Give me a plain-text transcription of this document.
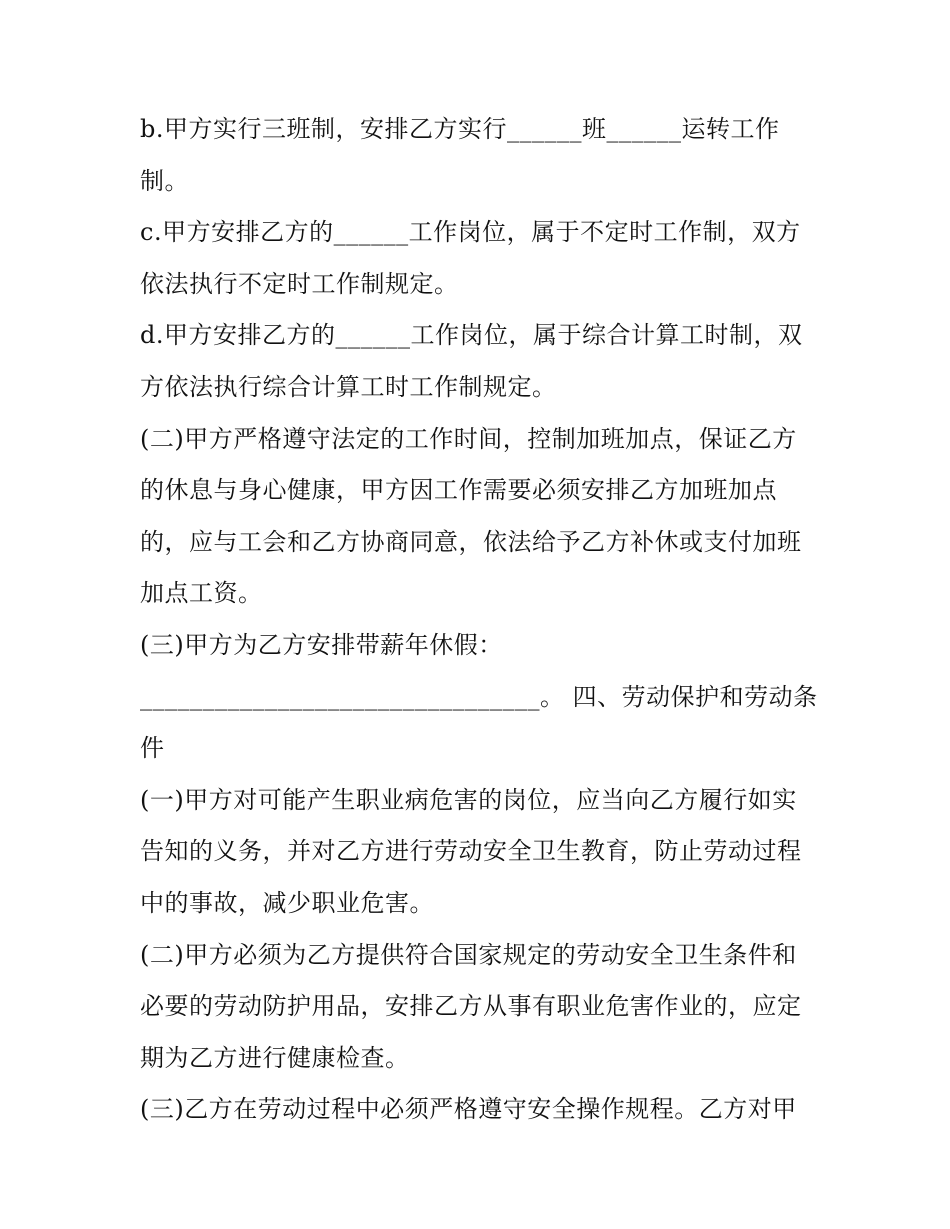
b.甲方实行三班制，安排乙方实行______班______运转工作
制。
c.甲方安排乙方的______工作岗位，属于不定时工作制，双方
依法执行不定时工作制规定。
d.甲方安排乙方的______工作岗位，属于综合计算工时制，双
方依法执行综合计算工时工作制规定。
(二)甲方严格遵守法定的工作时间，控制加班加点，保证乙方
的休息与身心健康，甲方因工作需要必须安排乙方加班加点
的，应与工会和乙方协商同意，依法给予乙方补休或支付加班
加点工资。
(三)甲方为乙方安排带薪年休假：
________________________________。 四、劳动保护和劳动条
件
(一)甲方对可能产生职业病危害的岗位，应当向乙方履行如实
告知的义务，并对乙方进行劳动安全卫生教育，防止劳动过程
中的事故，减少职业危害。
(二)甲方必须为乙方提供符合国家规定的劳动安全卫生条件和
必要的劳动防护用品，安排乙方从事有职业危害作业的，应定
期为乙方进行健康检查。
(三)乙方在劳动过程中必须严格遵守安全操作规程。乙方对甲
